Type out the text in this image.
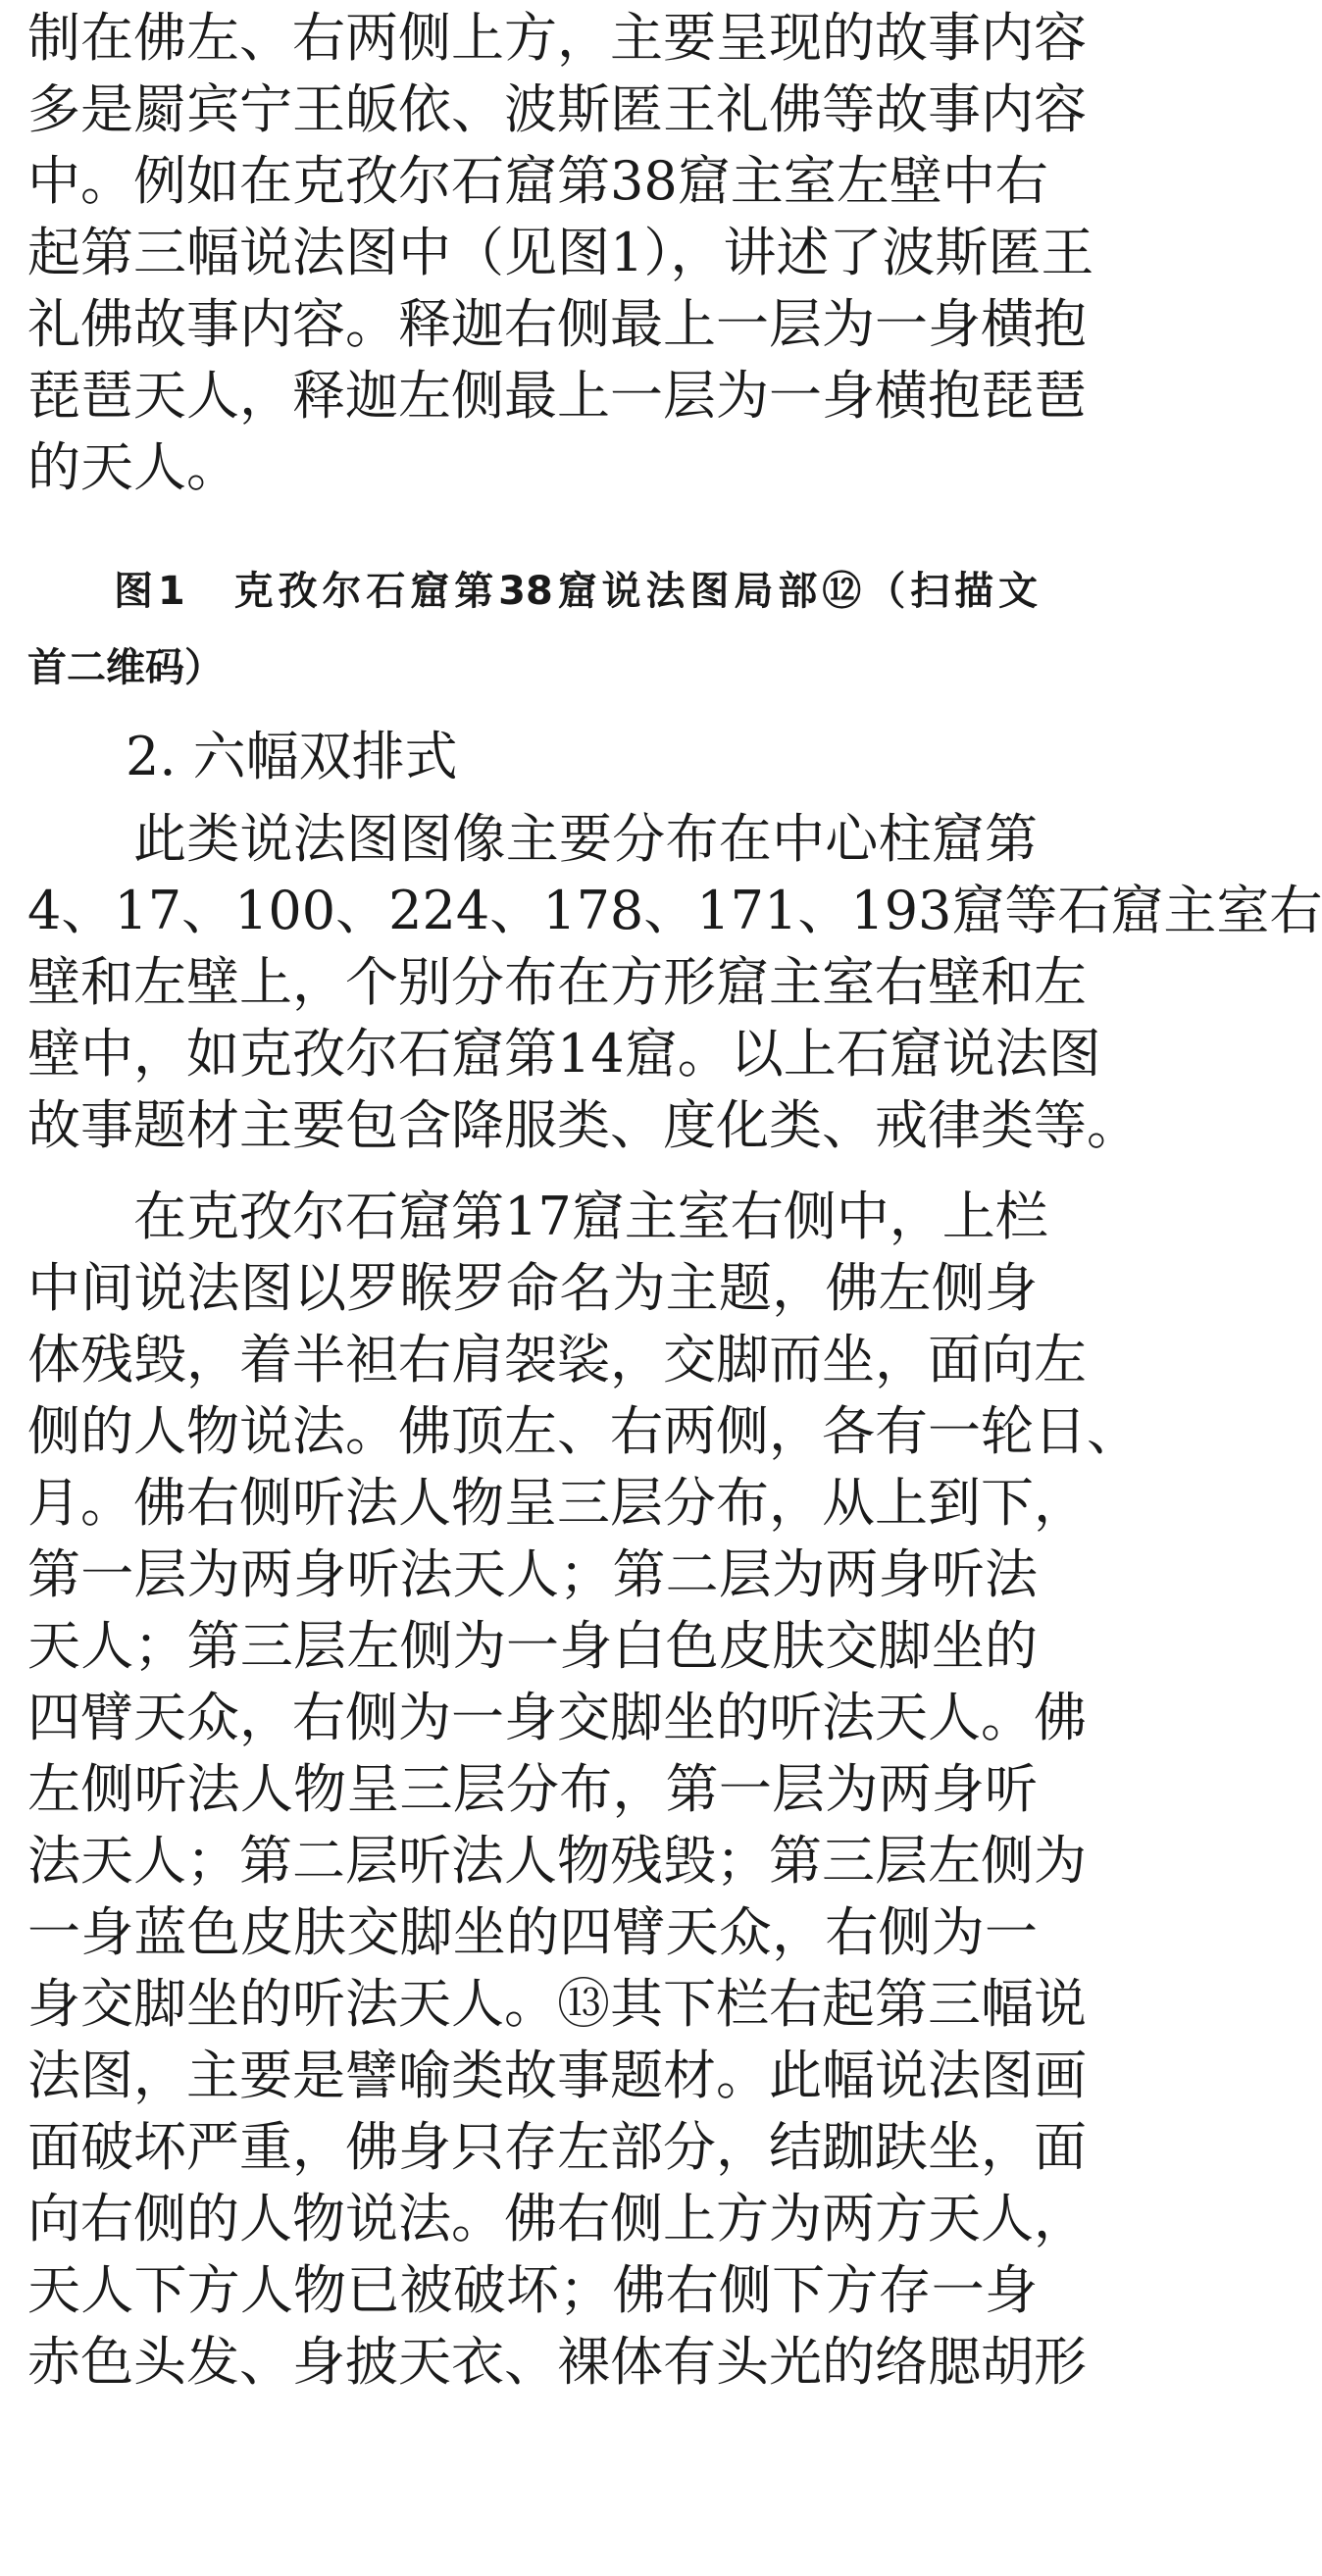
制在佛左、右两侧上方，主要呈现的故事内容
多是罽宾宁王皈依、波斯匿王礼佛等故事内容
中。例如在克孜尔石窟第38窟主室左壁中右
起第三幅说法图中（见图1），讲述了波斯匿王
礼佛故事内容。释迦右侧最上一层为一身横抱
琵琶天人，释迦左侧最上一层为一身横抱琵琶
的天人。
图1　克孜尔石窟第38窟说法图局部⑫（扫描文
首二维码）
2. 六幅双排式
此类说法图图像主要分布在中心柱窟第
4、17、100、224、178、171、193窟等石窟主室右
壁和左壁上，个别分布在方形窟主室右壁和左
壁中，如克孜尔石窟第14窟。以上石窟说法图
故事题材主要包含降服类、度化类、戒律类等。
在克孜尔石窟第17窟主室右侧中，上栏
中间说法图以罗睺罗命名为主题，佛左侧身
体残毁，着半袒右肩袈裟，交脚而坐，面向左
侧的人物说法。佛顶左、右两侧，各有一轮日、
月。佛右侧听法人物呈三层分布，从上到下，
第一层为两身听法天人；第二层为两身听法
天人；第三层左侧为一身白色皮肤交脚坐的
四臂天众，右侧为一身交脚坐的听法天人。佛
左侧听法人物呈三层分布，第一层为两身听
法天人；第二层听法人物残毁；第三层左侧为
一身蓝色皮肤交脚坐的四臂天众，右侧为一
身交脚坐的听法天人。⑬其下栏右起第三幅说
法图，主要是譬喻类故事题材。此幅说法图画
面破坏严重，佛身只存左部分，结跏趺坐，面
向右侧的人物说法。佛右侧上方为两方天人，
天人下方人物已被破坏；佛右侧下方存一身
赤色头发、身披天衣、裸体有头光的络腮胡形
